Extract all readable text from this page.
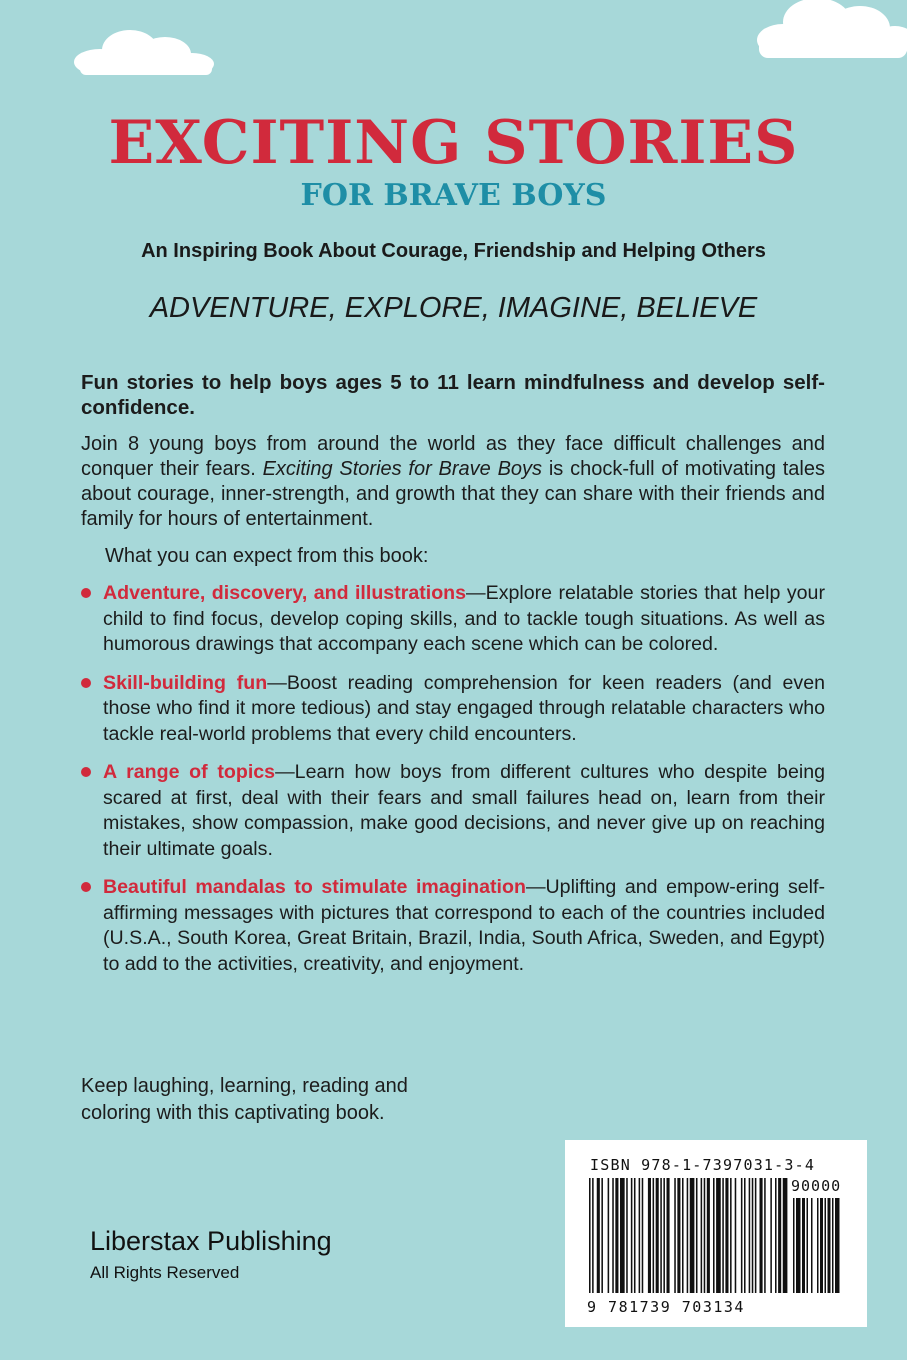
EXCITING STORIES
FOR BRAVE BOYS

An Inspiring Book About Courage, Friendship and Helping Others

ADVENTURE, EXPLORE, IMAGINE, BELIEVE

Fun stories to help boys ages 5 to 11 learn mindfulness and develop self-confidence.

Join 8 young boys from around the world as they face difficult challenges and conquer their fears. Exciting Stories for Brave Boys is chock-full of motivating tales about courage, inner-strength, and growth that they can share with their friends and family for hours of entertainment.

What you can expect from this book:

Adventure, discovery, and illustrations—Explore relatable stories that help your child to find focus, develop coping skills, and to tackle tough situations. As well as humorous drawings that accompany each scene which can be colored.
Skill-building fun—Boost reading comprehension for keen readers (and even those who find it more tedious) and stay engaged through relatable characters who tackle real-world problems that every child encounters.
A range of topics—Learn how boys from different cultures who despite being scared at first, deal with their fears and small failures head on, learn from their mistakes, show compassion, make good decisions, and never give up on reaching their ultimate goals.
Beautiful mandalas to stimulate imagination—Uplifting and empow-ering self-affirming messages with pictures that correspond to each of the countries included (U.S.A., South Korea, Great Britain, Brazil, India, South Africa, Sweden, and Egypt) to add to the activities, creativity, and enjoyment.

Keep laughing, learning, reading and coloring with this captivating book.

Liberstax Publishing

All Rights Reserved

ISBN 978-1-7397031-3-4

90000

9 781739 703134
